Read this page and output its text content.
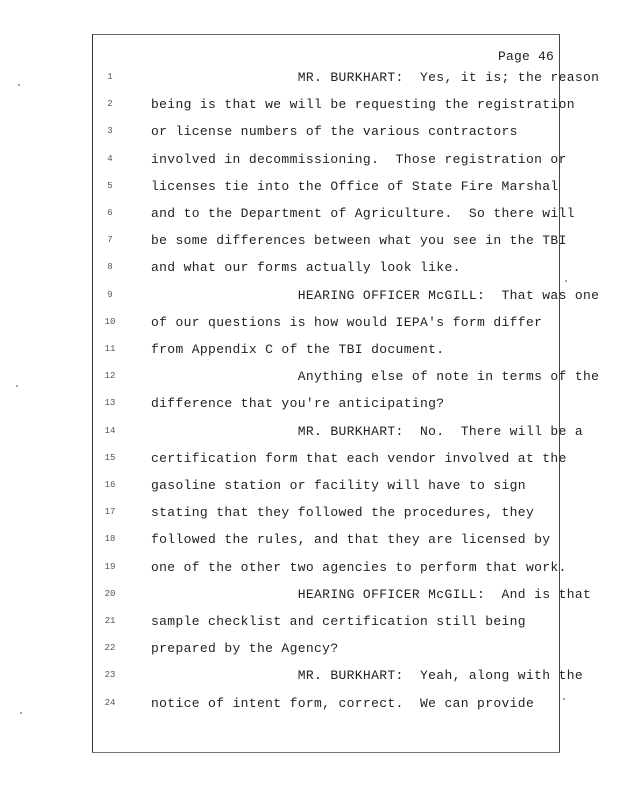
Page 46
1	MR. BURKHART:  Yes, it is; the reason
2	being is that we will be requesting the registration
3	or license numbers of the various contractors
4	involved in decommissioning.  Those registration or
5	licenses tie into the Office of State Fire Marshal
6	and to the Department of Agriculture.  So there will
7	be some differences between what you see in the TBI
8	and what our forms actually look like.
9	HEARING OFFICER McGILL:  That was one
10	of our questions is how would IEPA's form differ
11	from Appendix C of the TBI document.
12	Anything else of note in terms of the
13	difference that you're anticipating?
14	MR. BURKHART:  No.  There will be a
15	certification form that each vendor involved at the
16	gasoline station or facility will have to sign
17	stating that they followed the procedures, they
18	followed the rules, and that they are licensed by
19	one of the other two agencies to perform that work.
20	HEARING OFFICER McGILL:  And is that
21	sample checklist and certification still being
22	prepared by the Agency?
23	MR. BURKHART:  Yeah, along with the
24	notice of intent form, correct.  We can provide
